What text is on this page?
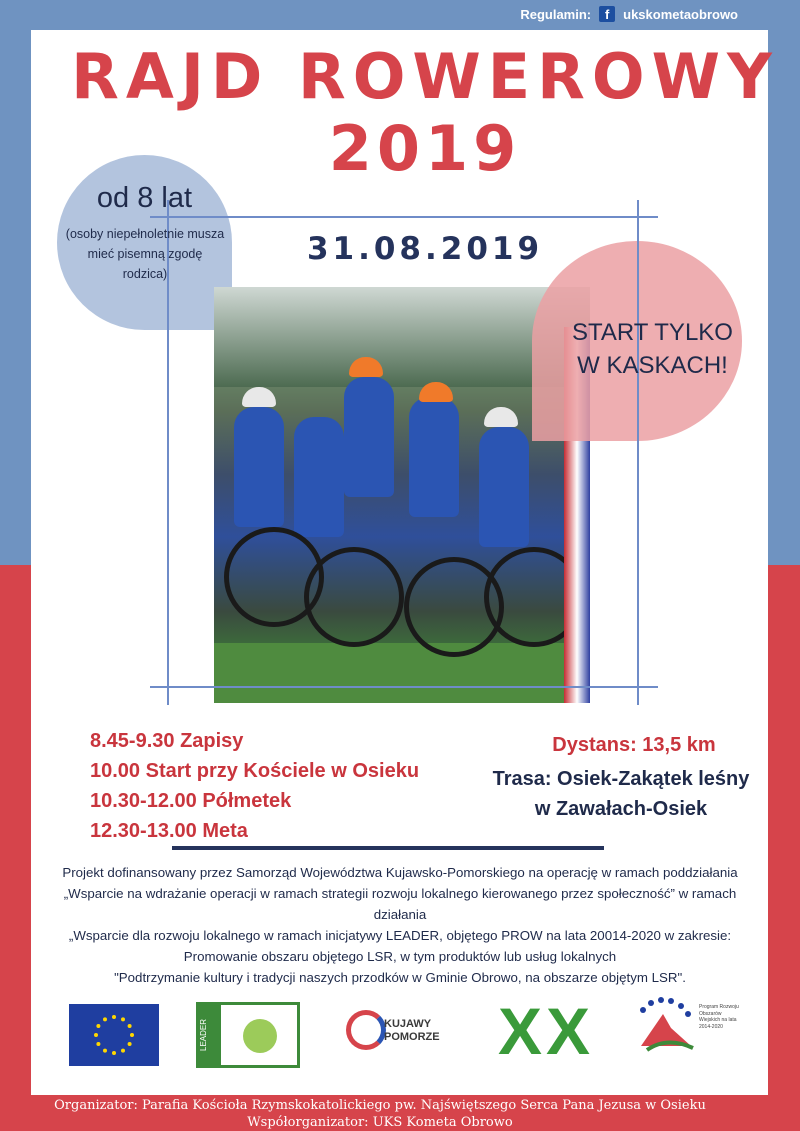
Regulamin:	f	ukskometaobrowo
RAJD ROWEROWY
2019
od 8 lat
(osoby niepełnoletnie musza mieć pisemną zgodę rodzica)
31.08.2019
START TYLKO
W KASKACH!
8.45-9.30 Zapisy
10.00 Start przy Kościele w Osieku
10.30-12.00 Półmetek
12.30-13.00 Meta
Dystans: 13,5 km
Trasa: Osiek-Zakątek leśny
w Zawałach-Osiek
Projekt dofinansowany przez Samorząd Województwa Kujawsko-Pomorskiego na operację w ramach poddziałania
„Wsparcie na wdrażanie operacji w ramach strategii rozwoju lokalnego kierowanego przez społeczność” w ramach działania
„Wsparcie dla rozwoju lokalnego w ramach inicjatywy LEADER, objętego PROW na lata 20014-2020 w zakresie:
Promowanie obszaru objętego LSR, w tym produktów lub usług lokalnych
"Podtrzymanie kultury i tradycji naszych przodków w Gminie Obrowo, na obszarze objętym LSR".
LEADER	KUJAWY
POMORZE X X	Program Rozwoju Obszarów Wiejskich na lata 2014-2020
Organizator: Parafia Kościoła Rzymskokatolickiego pw. Najświętszego Serca Pana Jezusa w Osieku
Współorganizator: UKS Kometa Obrowo
